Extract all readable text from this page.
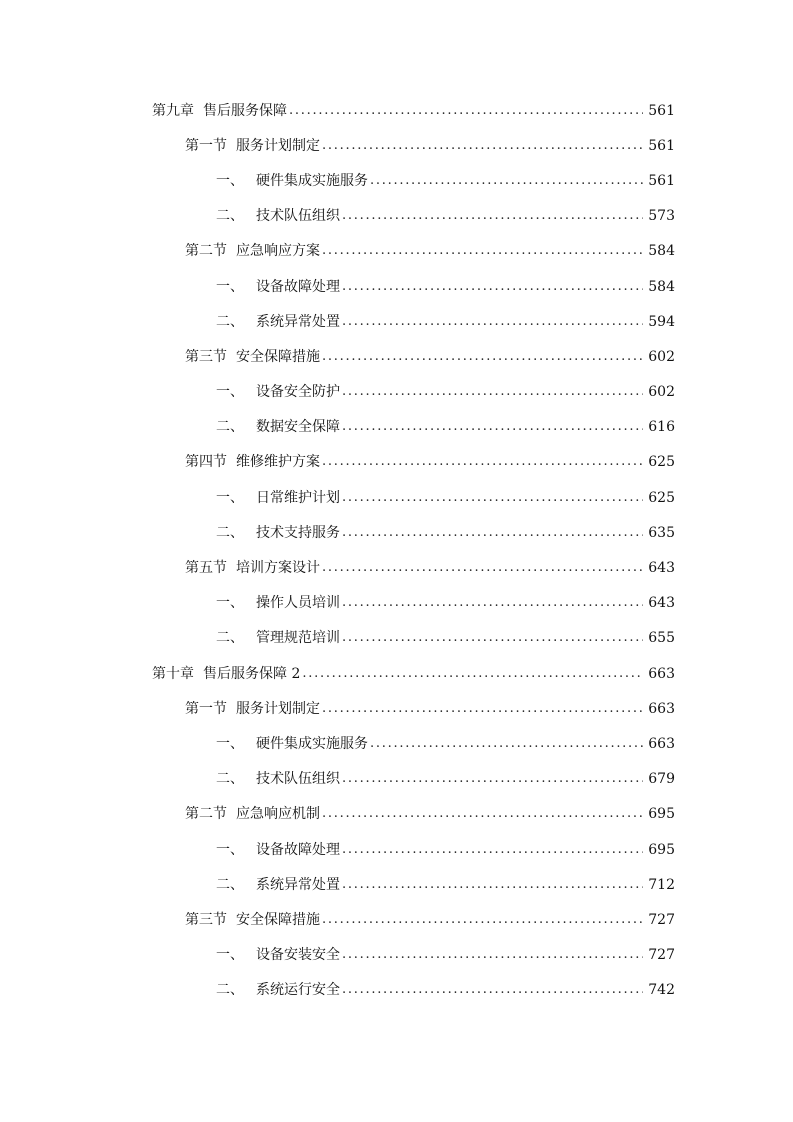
第九章 售后服务保障 . . .	561
第一节 服务计划制定 . . .	561
一、 硬件集成实施服务 . . .	561
二、 技术队伍组织 . . .	573
第二节 应急响应方案 . . .	584
一、 设备故障处理 . . .	584
二、 系统异常处置 . . .	594
第三节 安全保障措施 . . .	602
一、 设备安全防护 . . .	602
二、 数据安全保障 . . .	616
第四节 维修维护方案 . . .	625
一、 日常维护计划 . . .	625
二、 技术支持服务 . . .	635
第五节 培训方案设计 . . .	643
一、 操作人员培训 . . .	643
二、 管理规范培训 . . .	655
第十章 售后服务保障 2 . . .	663
第一节 服务计划制定 . . .	663
一、 硬件集成实施服务 . . .	663
二、 技术队伍组织 . . .	679
第二节 应急响应机制 . . .	695
一、 设备故障处理 . . .	695
二、 系统异常处置 . . .	712
第三节 安全保障措施 . . .	727
一、 设备安装安全 . . .	727
二、 系统运行安全 . . .	742
